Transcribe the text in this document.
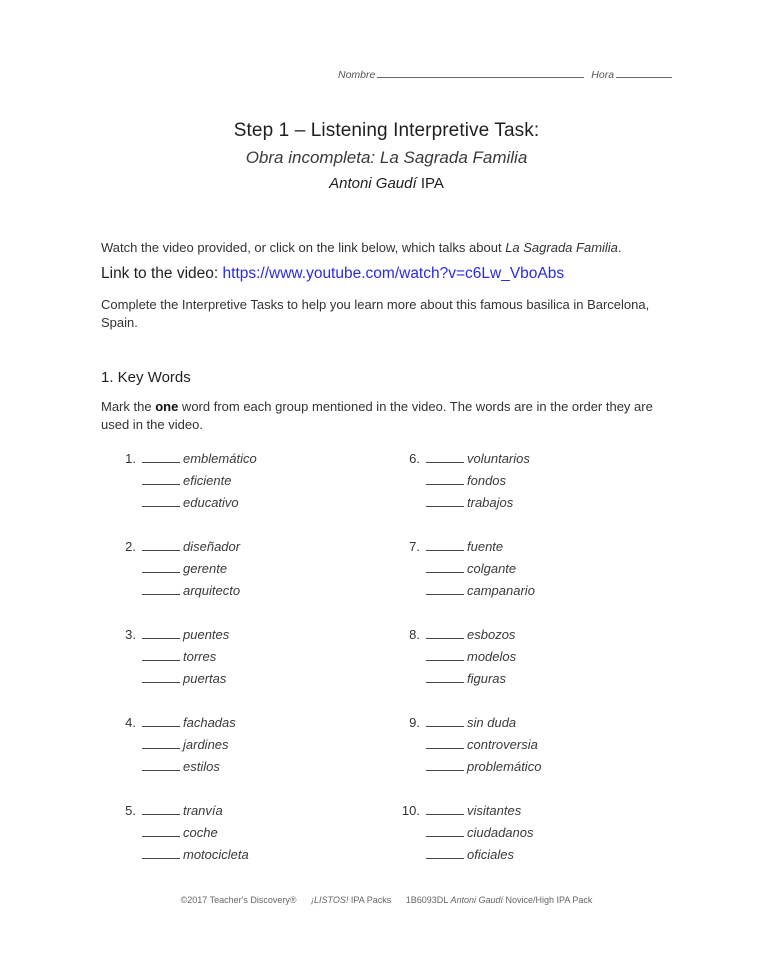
Nombre	Hora
Step 1 – Listening Interpretive Task:
Obra incompleta: La Sagrada Familia
Antoni Gaudí IPA
Watch the video provided, or click on the link below, which talks about La Sagrada Familia.
Link to the video: https://www.youtube.com/watch?v=c6Lw_VboAbs
Complete the Interpretive Tasks to help you learn more about this famous basilica in Barcelona, Spain.
1. Key Words
Mark the one word from each group mentioned in the video. The words are in the order they are used in the video.
1.	emblemático
eficiente
educativo
2.	diseñador
gerente
arquitecto
3.	puentes
torres
puertas
4.	fachadas
jardines
estilos
5.	tranvía
coche
motocicleta
6.	voluntarios
fondos
trabajos
7.	fuente
colgante
campanario
8.	esbozos
modelos
figuras
9.	sin duda
controversia
problemático
10.	visitantes
ciudadanos
oficiales
©2017 Teacher's Discovery® ¡LISTOS! IPA Packs 1B6093DL Antoni Gaudí Novice/High IPA Pack
